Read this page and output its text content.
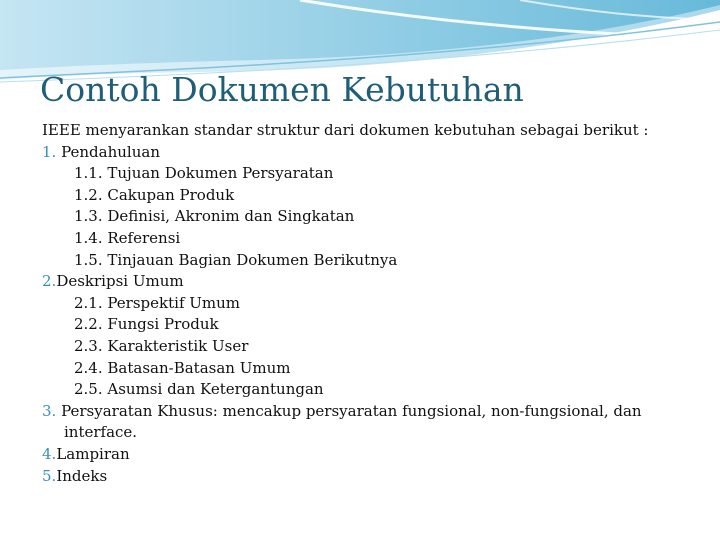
Contoh Dokumen Kebutuhan
IEEE menyarankan standar struktur dari dokumen kebutuhan sebagai berikut :
1. Pendahuluan
1.1. Tujuan Dokumen Persyaratan
1.2. Cakupan Produk
1.3. Definisi, Akronim dan Singkatan
1.4. Referensi
1.5. Tinjauan Bagian Dokumen Berikutnya
2.Deskripsi Umum
2.1. Perspektif Umum
2.2. Fungsi Produk
2.3. Karakteristik User
2.4. Batasan-Batasan Umum
2.5. Asumsi dan Ketergantungan
3. Persyaratan Khusus: mencakup persyaratan fungsional, non-fungsional, dan
interface.
4.Lampiran
5.Indeks
